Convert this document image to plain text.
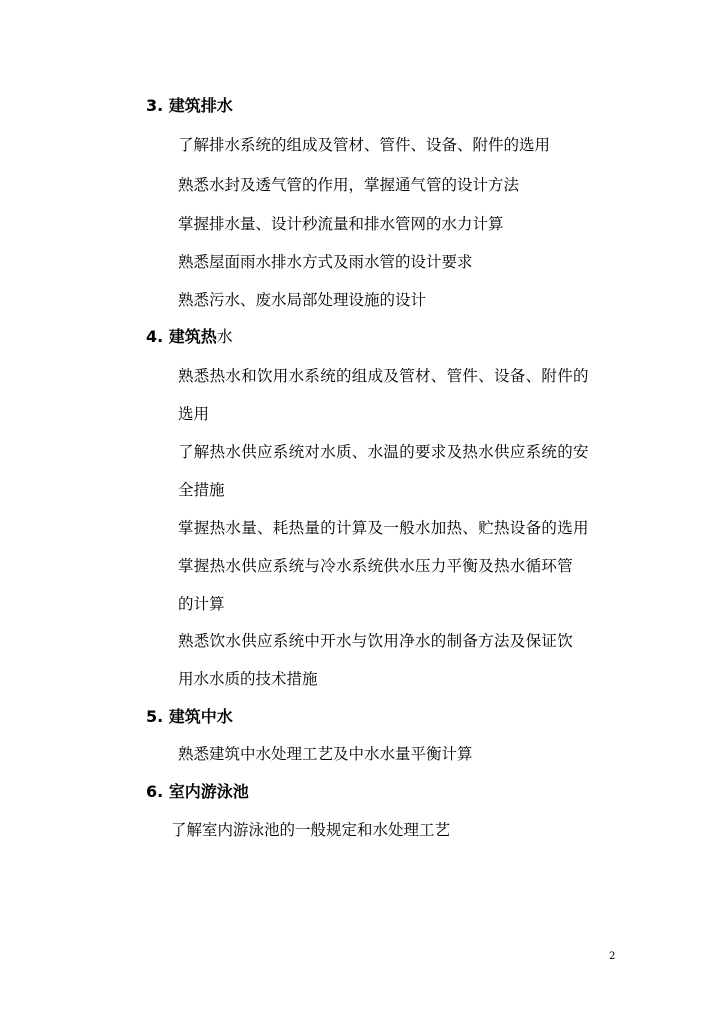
3. 建筑排水
了解排水系统的组成及管材、管件、设备、附件的选用
熟悉水封及透气管的作用，掌握通气管的设计方法
掌握排水量、设计秒流量和排水管网的水力计算
熟悉屋面雨水排水方式及雨水管的设计要求
熟悉污水、废水局部处理设施的设计
4. 建筑热水
熟悉热水和饮用水系统的组成及管材、管件、设备、附件的
选用
了解热水供应系统对水质、水温的要求及热水供应系统的安
全措施
掌握热水量、耗热量的计算及一般水加热、贮热设备的选用
掌握热水供应系统与冷水系统供水压力平衡及热水循环管
的计算
熟悉饮水供应系统中开水与饮用净水的制备方法及保证饮
用水水质的技术措施
5. 建筑中水
熟悉建筑中水处理工艺及中水水量平衡计算
6. 室内游泳池
了解室内游泳池的一般规定和水处理工艺
2
